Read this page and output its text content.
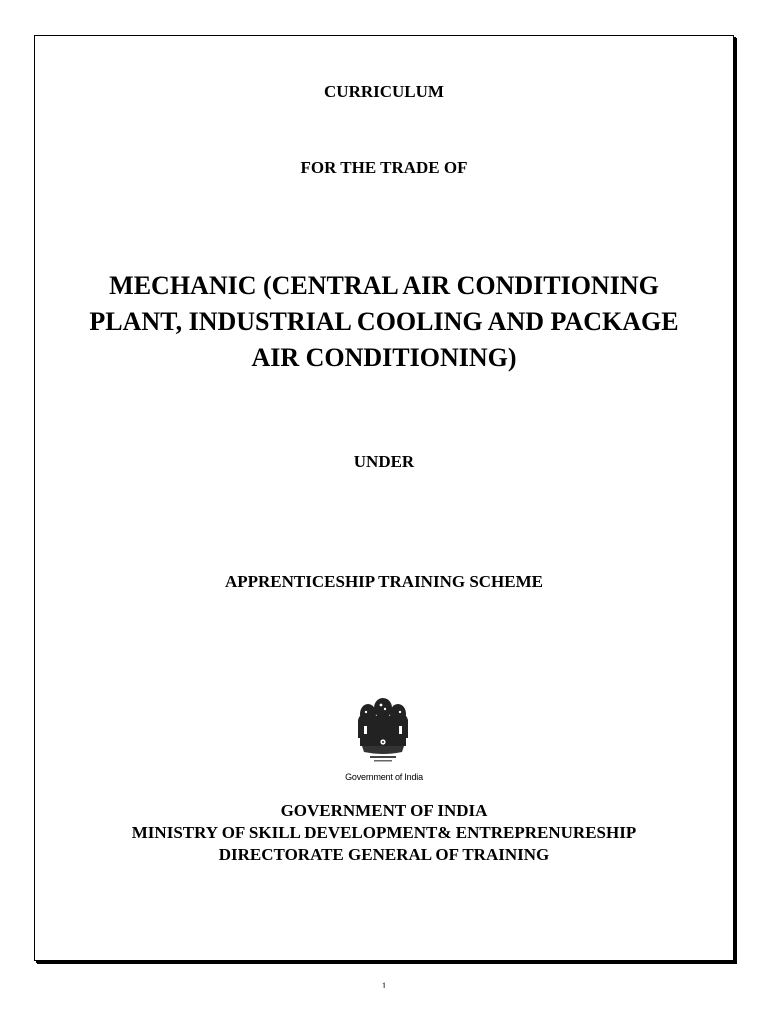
CURRICULUM

FOR THE TRADE OF

MECHANIC (CENTRAL AIR CONDITIONING
PLANT, INDUSTRIAL COOLING AND PACKAGE
AIR CONDITIONING)

UNDER

APPRENTICESHIP TRAINING SCHEME

Government of India
GOVERNMENT OF INDIA
MINISTRY OF SKILL DEVELOPMENT& ENTREPRENURESHIP
DIRECTORATE GENERAL OF TRAINING
1
